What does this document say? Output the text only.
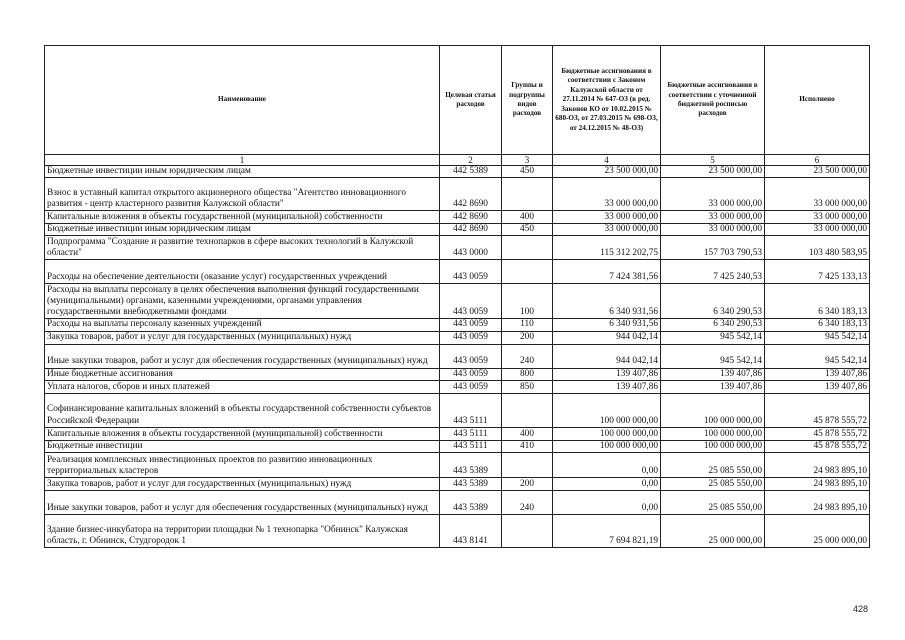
Наименование	Целевая статья расходов	Группы и подгруппы видов расходов	Бюджетные ассигнования в соответствии с Законом Калужской области от 27.11.2014 № 647-ОЗ (в ред. Законов КО от 10.02.2015 № 680-ОЗ, от 27.03.2015 № 698-ОЗ, от 24.12.2015 № 48-ОЗ)	Бюджетные ассигнования в соответствии с уточненной бюджетной росписью расходов	Исполнено
1	2	3	4	5	6
Бюджетные инвестиции иным юридическим лицам	442 5389	450	23 500 000,00	23 500 000,00	23 500 000,00
Взнос в уставный капитал открытого акционерного общества "Агентство инновационного развития - центр кластерного развития Калужской области"	442 8690		33 000 000,00	33 000 000,00	33 000 000,00
Капитальные вложения в объекты государственной (муниципальной) собственности	442 8690	400	33 000 000,00	33 000 000,00	33 000 000,00
Бюджетные инвестиции иным юридическим лицам	442 8690	450	33 000 000,00	33 000 000,00	33 000 000,00
Подпрограмма "Создание и развитие технопарков в сфере высоких технологий в Калужской области"	443 0000		115 312 202,75	157 703 790,53	103 480 583,95
Расходы на обеспечение деятельности (оказание услуг) государственных учреждений	443 0059		7 424 381,56	7 425 240,53	7 425 133,13
Расходы на выплаты персоналу в целях обеспечения выполнения функций государственными (муниципальными) органами, казенными учреждениями, органами управления государственными внебюджетными фондами	443 0059	100	6 340 931,56	6 340 290,53	6 340 183,13
Расходы на выплаты персоналу казенных учреждений	443 0059	110	6 340 931,56	6 340 290,53	6 340 183,13
Закупка товаров, работ и услуг для государственных (муниципальных) нужд	443 0059	200	944 042,14	945 542,14	945 542,14
Иные закупки товаров, работ и услуг для обеспечения государственных (муниципальных) нужд	443 0059	240	944 042,14	945 542,14	945 542,14
Иные бюджетные ассигнования	443 0059	800	139 407,86	139 407,86	139 407,86
Уплата налогов, сборов и иных платежей	443 0059	850	139 407,86	139 407,86	139 407,86
Софинансирование капитальных вложений в объекты государственной собственности субъектов Российской Федерации	443 5111		100 000 000,00	100 000 000,00	45 878 555,72
Капитальные вложения в объекты государственной (муниципальной) собственности	443 5111	400	100 000 000,00	100 000 000,00	45 878 555,72
Бюджетные инвестиции	443 5111	410	100 000 000,00	100 000 000,00	45 878 555,72
Реализация комплексных инвестиционных проектов по развитию инновационных территориальных кластеров	443 5389		0,00	25 085 550,00	24 983 895,10
Закупка товаров, работ и услуг для государственных (муниципальных) нужд	443 5389	200	0,00	25 085 550,00	24 983 895,10
Иные закупки товаров, работ и услуг для обеспечения государственных (муниципальных) нужд	443 5389	240	0,00	25 085 550,00	24 983 895,10
Здание бизнес-инкубатора на территории площадки № 1 технопарка "Обнинск" Калужская область, г. Обнинск, Студгородок 1	443 8141		7 694 821,19	25 000 000,00	25 000 000,00
428
